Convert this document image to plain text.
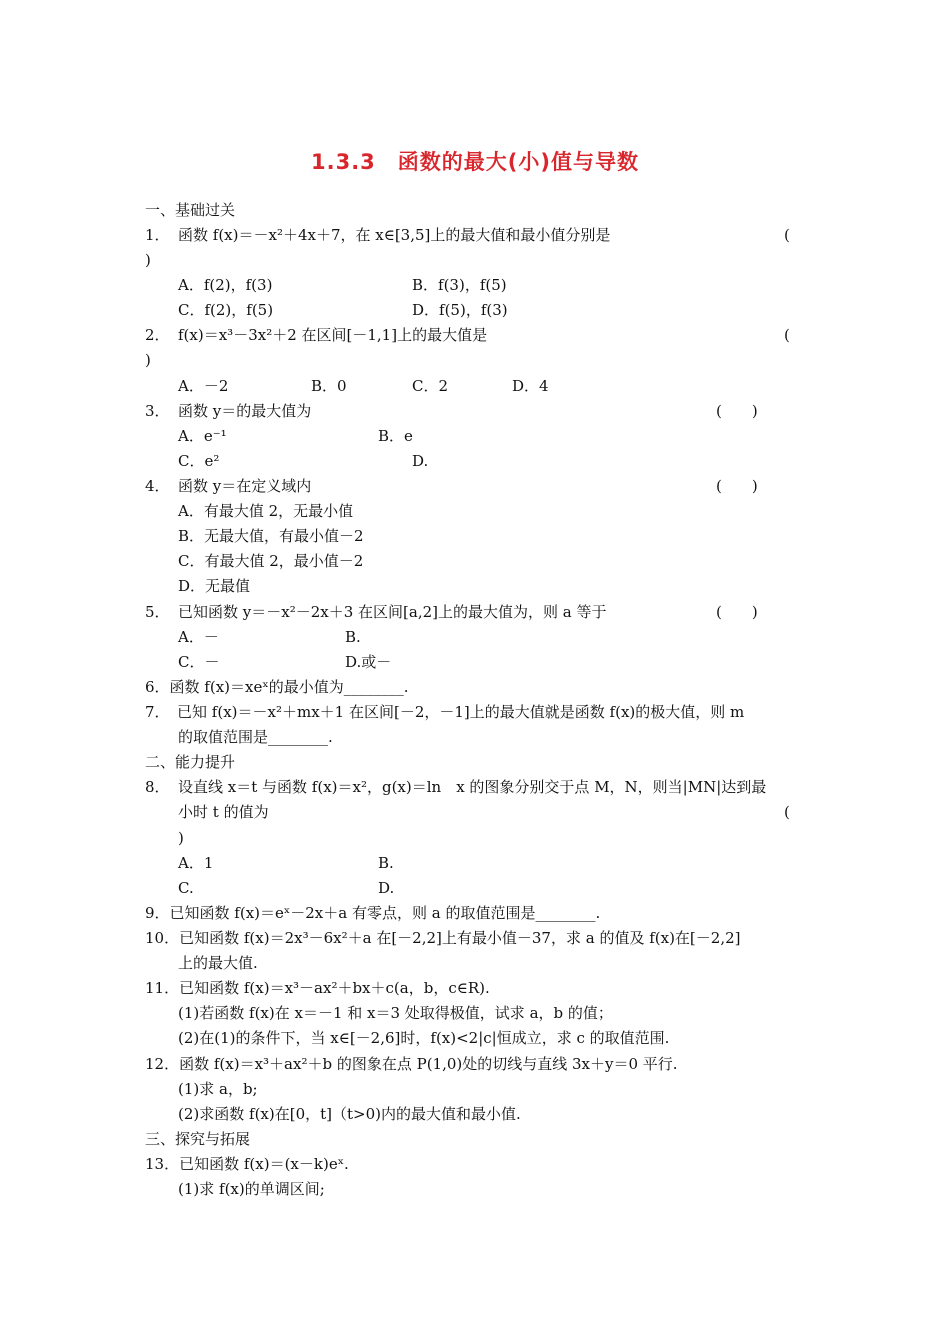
1.3.3　函数的最大(小)值与导数
一、基础过关
1． 函数 f(x)＝－x²＋4x＋7，在 x∈[3,5]上的最大值和最小值分别是	(
)
A．f(2)，f(3)	B．f(3)，f(5)
C．f(2)，f(5)	D．f(5)，f(3)
2． f(x)＝x³－3x²＋2 在区间[－1,1]上的最大值是	(
)
A．－2	B．0	C．2	D．4
3． 函数 y＝的最大值为	(　　)
A．e⁻¹	B．e
C．e²	D.
4． 函数 y＝在定义域内	(　　)
A．有最大值 2，无最小值
B．无最大值，有最小值－2
C．有最大值 2，最小值－2
D．无最值
5． 已知函数 y＝－x²－2x＋3 在区间[a,2]上的最大值为，则 a 等于	(　　)
A．－	B.
C．－	D.或－
6．函数 f(x)＝xeˣ的最小值为________.
7．　已知 f(x)＝－x²＋mx＋1 在区间[－2，－1]上的最大值就是函数 f(x)的极大值，则 m
的取值范围是________.
二、能力提升
8． 设直线 x＝t 与函数 f(x)＝x²，g(x)＝ln　x 的图象分别交于点 M，N，则当|MN|达到最
小时 t 的值为	(
)
A．1	B.
C.	D.
9．已知函数 f(x)＝eˣ－2x＋a 有零点，则 a 的取值范围是________.
10．已知函数 f(x)＝2x³－6x²＋a 在[－2,2]上有最小值－37，求 a 的值及 f(x)在[－2,2]
上的最大值.
11．已知函数 f(x)＝x³－ax²＋bx＋c(a，b，c∈R).
(1)若函数 f(x)在 x＝－1 和 x＝3 处取得极值，试求 a，b 的值；
(2)在(1)的条件下，当 x∈[－2,6]时，f(x)<2|c|恒成立，求 c 的取值范围.
12．函数 f(x)＝x³＋ax²＋b 的图象在点 P(1,0)处的切线与直线 3x＋y＝0 平行.
(1)求 a，b;
(2)求函数 f(x)在[0，t]（t>0)内的最大值和最小值.
三、探究与拓展
13．已知函数 f(x)＝(x－k)eˣ.
(1)求 f(x)的单调区间;
